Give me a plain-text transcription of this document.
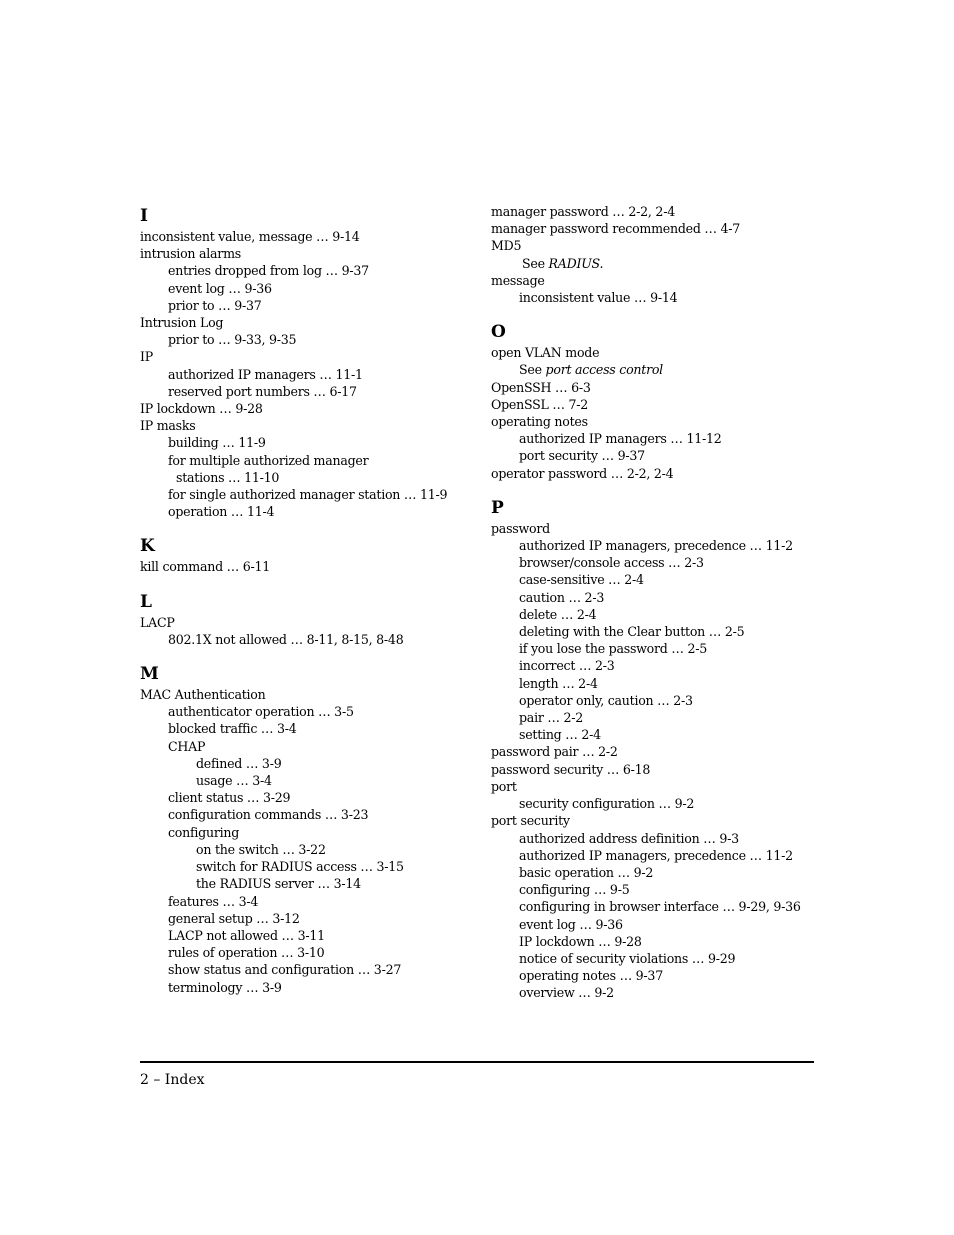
I
inconsistent value, message … 9-14
intrusion alarms
entries dropped from log … 9-37
event log … 9-36
prior to … 9-37
Intrusion Log
prior to … 9-33, 9-35
IP
authorized IP managers … 11-1
reserved port numbers … 6-17
IP lockdown … 9-28
IP masks
building … 11-9
for multiple authorized manager
stations … 11-10
for single authorized manager station … 11-9
operation … 11-4
K
kill command … 6-11
L
LACP
802.1X not allowed … 8-11, 8-15, 8-48
M
MAC Authentication
authenticator operation … 3-5
blocked traffic … 3-4
CHAP
defined … 3-9
usage … 3-4
client status … 3-29
configuration commands … 3-23
configuring
on the switch … 3-22
switch for RADIUS access … 3-15
the RADIUS server … 3-14
features … 3-4
general setup … 3-12
LACP not allowed … 3-11
rules of operation … 3-10
show status and configuration … 3-27
terminology … 3-9
manager password … 2-2, 2-4
manager password recommended … 4-7
MD5
See RADIUS.
message
inconsistent value … 9-14
O
open VLAN mode
See port access control
OpenSSH … 6-3
OpenSSL … 7-2
operating notes
authorized IP managers … 11-12
port security … 9-37
operator password … 2-2, 2-4
P
password
authorized IP managers, precedence … 11-2
browser/console access … 2-3
case-sensitive … 2-4
caution … 2-3
delete … 2-4
deleting with the Clear button … 2-5
if you lose the password … 2-5
incorrect … 2-3
length … 2-4
operator only, caution … 2-3
pair … 2-2
setting … 2-4
password pair … 2-2
password security … 6-18
port
security configuration … 9-2
port security
authorized address definition … 9-3
authorized IP managers, precedence … 11-2
basic operation … 9-2
configuring … 9-5
configuring in browser interface … 9-29, 9-36
event log … 9-36
IP lockdown … 9-28
notice of security violations … 9-29
operating notes … 9-37
overview … 9-2
2 – Index
